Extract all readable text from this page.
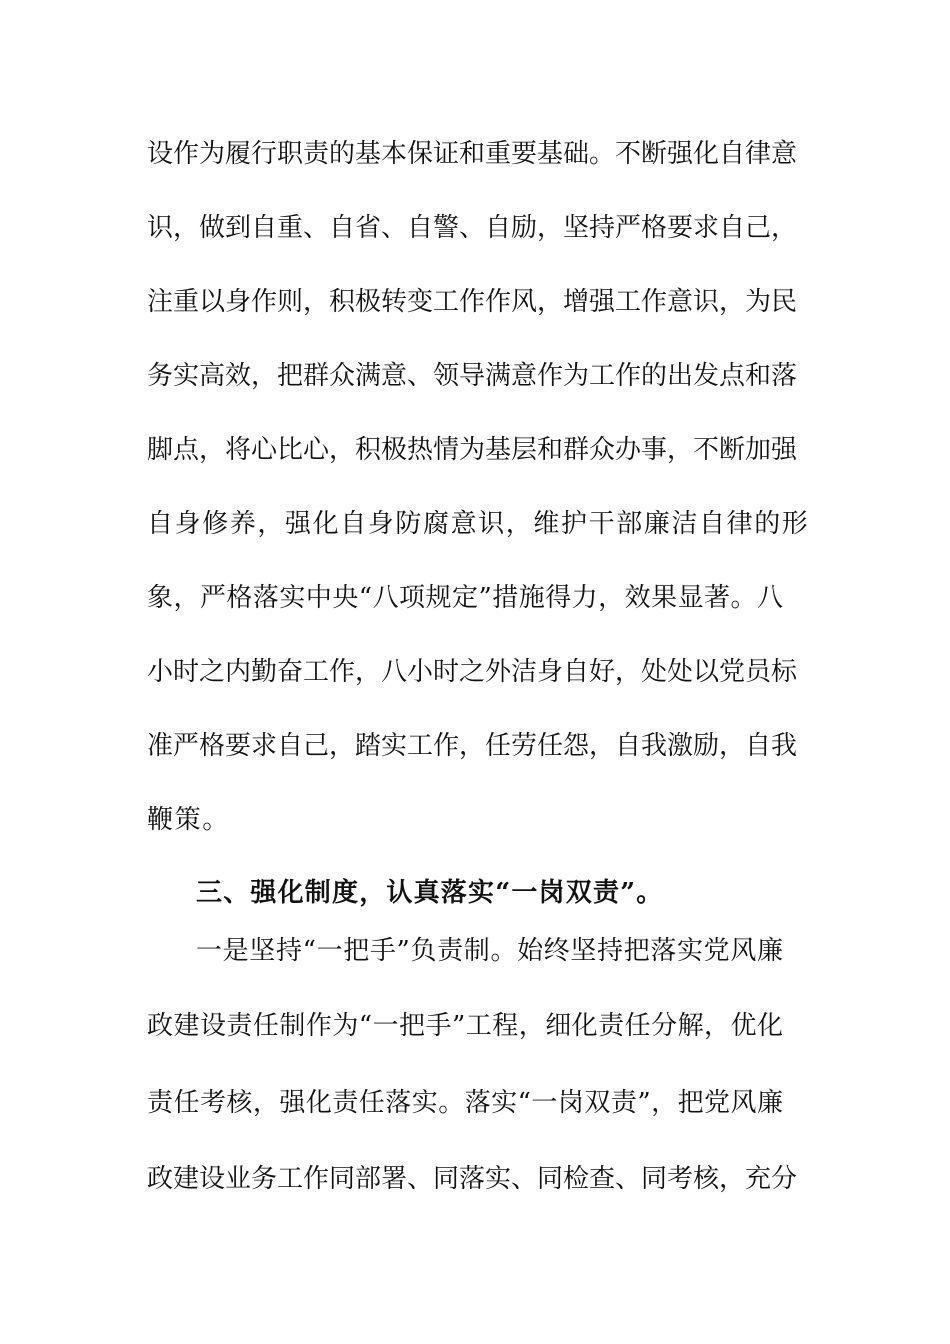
设作为履行职责的基本保证和重要基础。不断强化自律意
识，做到自重、自省、自警、自励，坚持严格要求自己，
注重以身作则，积极转变工作作风，增强工作意识，为民
务实高效，把群众满意、领导满意作为工作的出发点和落
脚点，将心比心，积极热情为基层和群众办事，不断加强
自身修养，强化自身防腐意识，维护干部廉洁自律的形
象，严格落实中央“八项规定”措施得力，效果显著。八
小时之内勤奋工作，八小时之外洁身自好，处处以党员标
准严格要求自己，踏实工作，任劳任怨，自我激励，自我
鞭策。
三、强化制度，认真落实“一岗双责”。
一是坚持“一把手”负责制。始终坚持把落实党风廉
政建设责任制作为“一把手”工程，细化责任分解，优化
责任考核，强化责任落实。落实“一岗双责”，把党风廉
政建设业务工作同部署、同落实、同检查、同考核，充分
